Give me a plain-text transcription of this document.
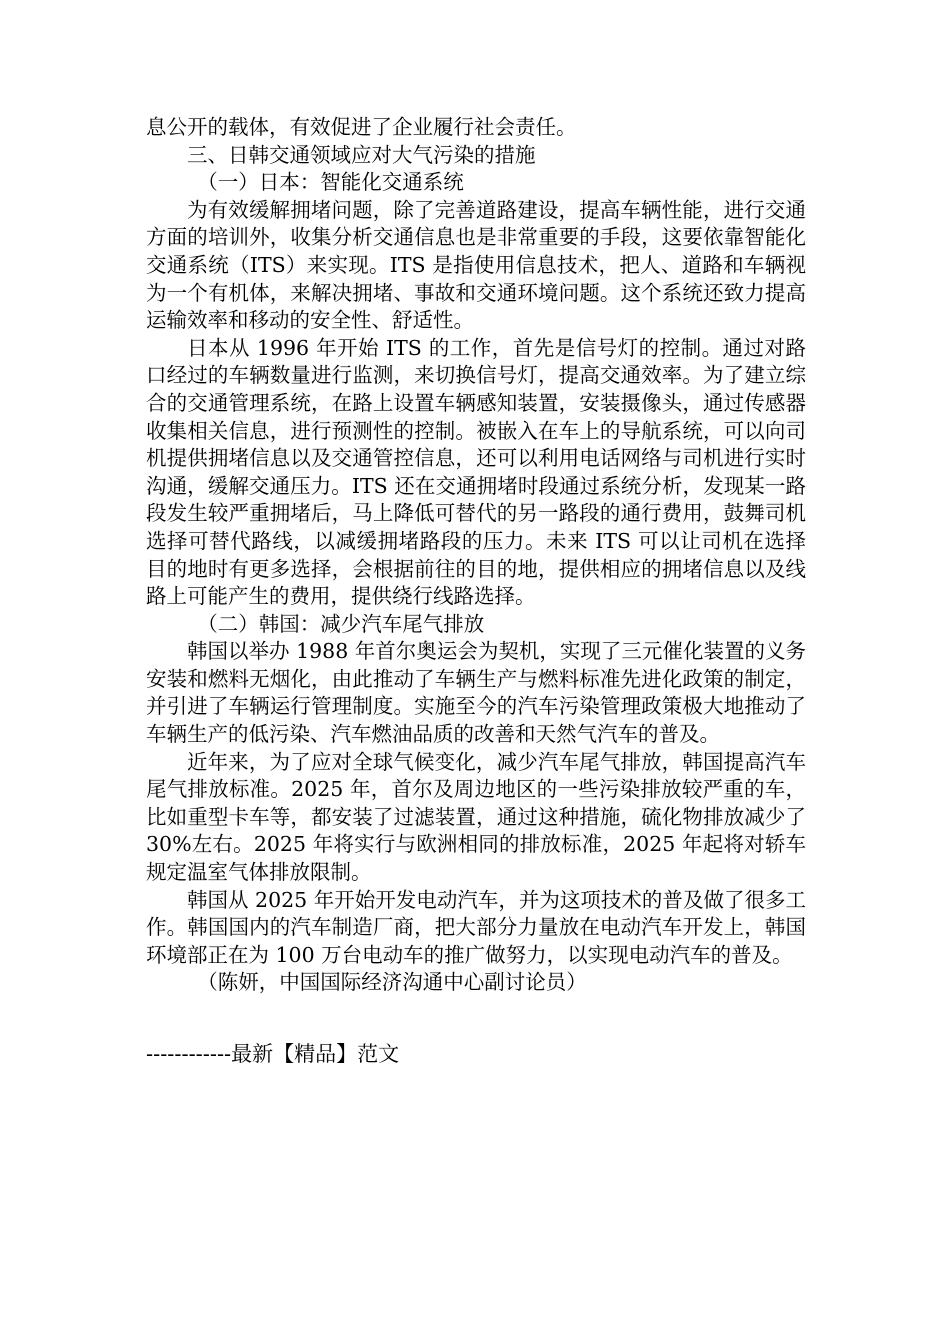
息公开的载体，有效促进了企业履行社会责任。

三、日韩交通领域应对大气污染的措施

（一）日本：智能化交通系统

为有效缓解拥堵问题，除了完善道路建设，提高车辆性能，进行交通方面的培训外，收集分析交通信息也是非常重要的手段，这要依靠智能化交通系统（ITS）来实现。ITS 是指使用信息技术，把人、道路和车辆视为一个有机体，来解决拥堵、事故和交通环境问题。这个系统还致力提高运输效率和移动的安全性、舒适性。

日本从 1996 年开始 ITS 的工作，首先是信号灯的控制。通过对路口经过的车辆数量进行监测，来切换信号灯，提高交通效率。为了建立综合的交通管理系统，在路上设置车辆感知装置，安装摄像头，通过传感器收集相关信息，进行预测性的控制。被嵌入在车上的导航系统，可以向司机提供拥堵信息以及交通管控信息，还可以利用电话网络与司机进行实时沟通，缓解交通压力。ITS 还在交通拥堵时段通过系统分析，发现某一路段发生较严重拥堵后，马上降低可替代的另一路段的通行费用，鼓舞司机选择可替代路线，以减缓拥堵路段的压力。未来 ITS 可以让司机在选择目的地时有更多选择，会根据前往的目的地，提供相应的拥堵信息以及线路上可能产生的费用，提供绕行线路选择。

（二）韩国：减少汽车尾气排放

韩国以举办 1988 年首尔奥运会为契机，实现了三元催化装置的义务安装和燃料无烟化，由此推动了车辆生产与燃料标准先进化政策的制定，并引进了车辆运行管理制度。实施至今的汽车污染管理政策极大地推动了车辆生产的低污染、汽车燃油品质的改善和天然气汽车的普及。

近年来，为了应对全球气候变化，减少汽车尾气排放，韩国提高汽车尾气排放标准。2025 年，首尔及周边地区的一些污染排放较严重的车，比如重型卡车等，都安装了过滤装置，通过这种措施，硫化物排放减少了 30%左右。2025 年将实行与欧洲相同的排放标准，2025 年起将对轿车规定温室气体排放限制。

韩国从 2025 年开始开发电动汽车，并为这项技术的普及做了很多工作。韩国国内的汽车制造厂商，把大部分力量放在电动汽车开发上，韩国环境部正在为 100 万台电动车的推广做努力，以实现电动汽车的普及。

（陈妍，中国国际经济沟通中心副讨论员）

------------最新【精品】范文
